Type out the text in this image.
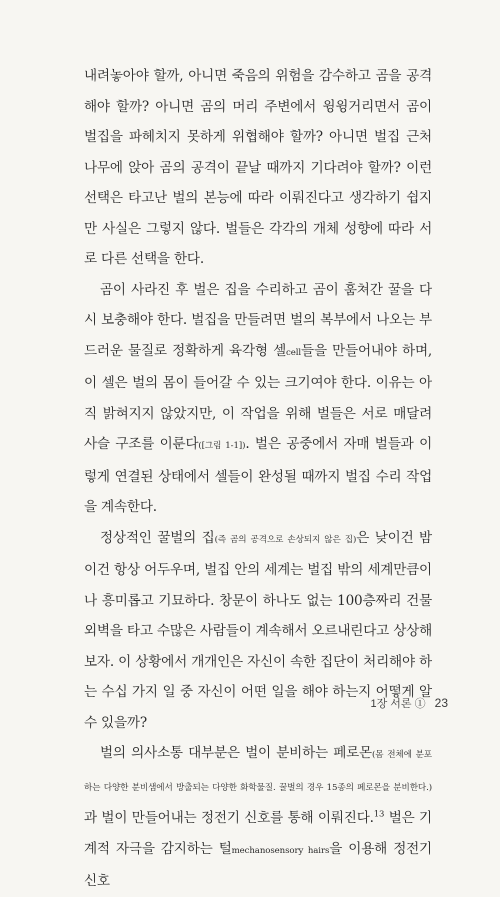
내려놓아야 할까, 아니면 죽음의 위험을 감수하고 곰을 공격해야 할까? 아니면 곰의 머리 주변에서 윙윙거리면서 곰이 벌집을 파헤치지 못하게 위협해야 할까? 아니면 벌집 근처 나무에 앉아 곰의 공격이 끝날 때까지 기다려야 할까? 이런 선택은 타고난 벌의 본능에 따라 이뤄진다고 생각하기 쉽지만 사실은 그렇지 않다. 벌들은 각각의 개체 성향에 따라 서로 다른 선택을 한다.

곰이 사라진 후 벌은 집을 수리하고 곰이 훔쳐간 꿀을 다시 보충해야 한다. 벌집을 만들려면 벌의 복부에서 나오는 부드러운 물질로 정확하게 육각형 셀cell들을 만들어내야 하며, 이 셀은 벌의 몸이 들어갈 수 있는 크기여야 한다. 이유는 아직 밝혀지지 않았지만, 이 작업을 위해 벌들은 서로 매달려 사슬 구조를 이룬다([그림 1-1]). 벌은 공중에서 자매 벌들과 이렇게 연결된 상태에서 셀들이 완성될 때까지 벌집 수리 작업을 계속한다.

정상적인 꿀벌의 집(즉 곰의 공격으로 손상되지 않은 집)은 낮이건 밤이건 항상 어두우며, 벌집 안의 세계는 벌집 밖의 세계만큼이나 흥미롭고 기묘하다. 창문이 하나도 없는 100층짜리 건물 외벽을 타고 수많은 사람들이 계속해서 오르내린다고 상상해 보자. 이 상황에서 개개인은 자신이 속한 집단이 처리해야 하는 수십 가지 일 중 자신이 어떤 일을 해야 하는지 어떻게 알 수 있을까?

벌의 의사소통 대부분은 벌이 분비하는 페로몬(몸 전체에 분포하는 다양한 분비샘에서 방출되는 다양한 화학물질. 꿀벌의 경우 15종의 페로몬을 분비한다.)과 벌이 만들어내는 정전기 신호를 통해 이뤄진다.$^{13}$ 벌은 기계적 자극을 감지하는 털mechanosensory hairs을 이용해 정전기 신호

1장 서론 ① 23
